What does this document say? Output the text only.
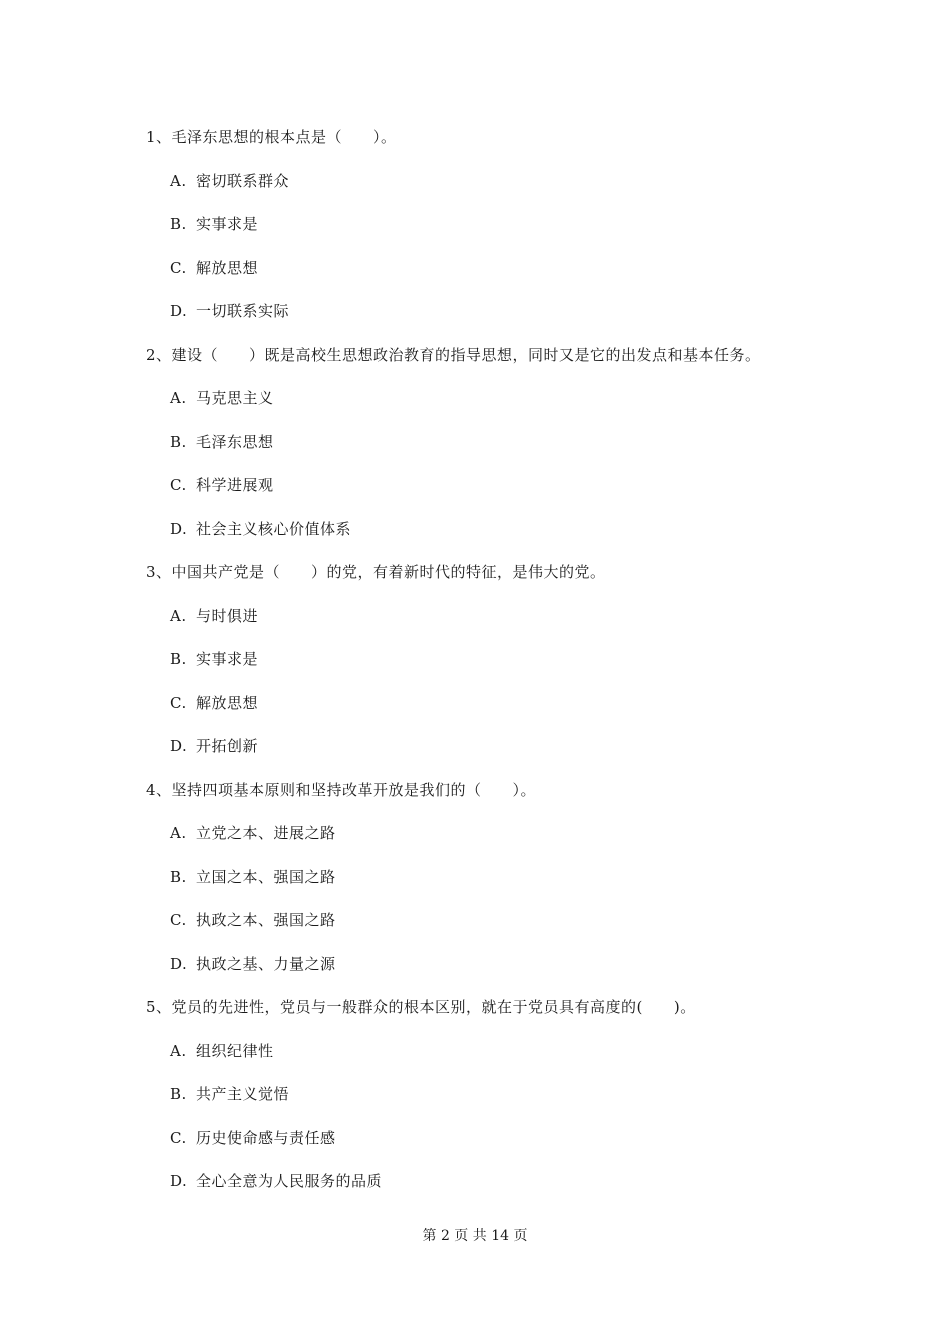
1、毛泽东思想的根本点是（　　）。
A. 密切联系群众
B. 实事求是
C. 解放思想
D. 一切联系实际
2、建设（　　）既是高校生思想政治教育的指导思想，同时又是它的出发点和基本任务。
A. 马克思主义
B. 毛泽东思想
C. 科学进展观
D. 社会主义核心价值体系
3、中国共产党是（　　）的党，有着新时代的特征，是伟大的党。
A. 与时俱进
B. 实事求是
C. 解放思想
D. 开拓创新
4、坚持四项基本原则和坚持改革开放是我们的（　　）。
A. 立党之本、进展之路
B. 立国之本、强国之路
C. 执政之本、强国之路
D. 执政之基、力量之源
5、党员的先进性，党员与一般群众的根本区别，就在于党员具有高度的(　　)。
A. 组织纪律性
B. 共产主义觉悟
C. 历史使命感与责任感
D. 全心全意为人民服务的品质
第 2 页 共 14 页
